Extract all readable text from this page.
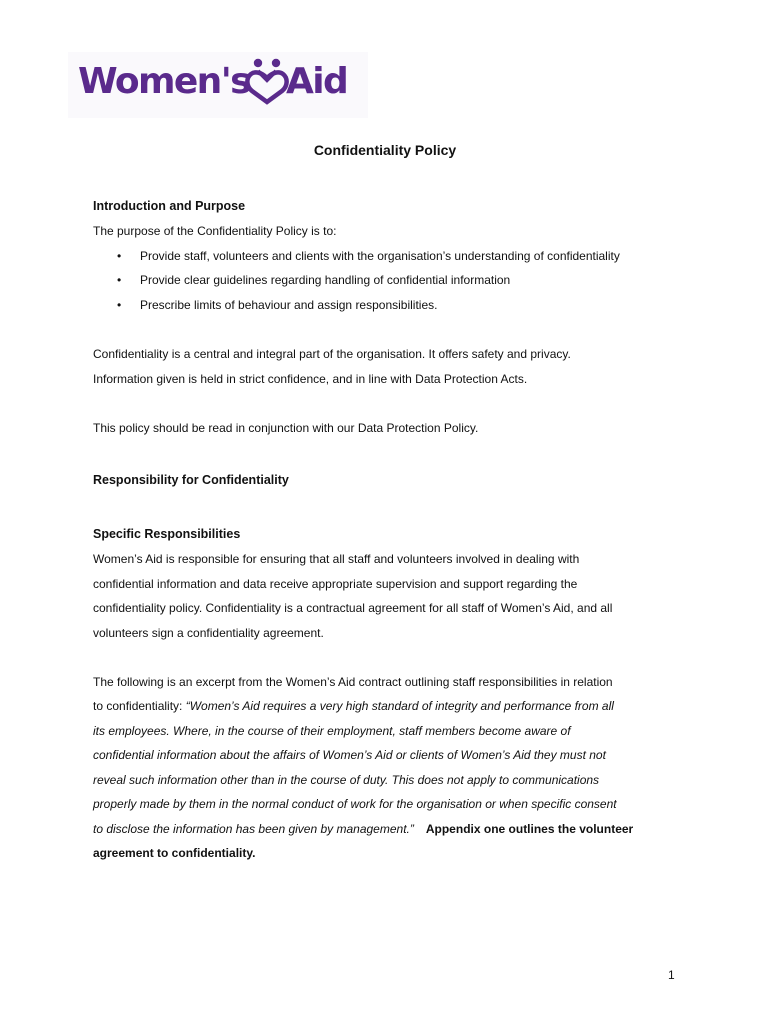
Women's Aid
Confidentiality Policy
Introduction and Purpose
The purpose of the Confidentiality Policy is to:
• Provide staff, volunteers and clients with the organisation’s understanding of confidentiality
• Provide clear guidelines regarding handling of confidential information
• Prescribe limits of behaviour and assign responsibilities.
Confidentiality is a central and integral part of the organisation. It offers safety and privacy.
Information given is held in strict confidence, and in line with Data Protection Acts.
This policy should be read in conjunction with our Data Protection Policy.
Responsibility for Confidentiality
Specific Responsibilities
Women’s Aid is responsible for ensuring that all staff and volunteers involved in dealing with
confidential information and data receive appropriate supervision and support regarding the
confidentiality policy. Confidentiality is a contractual agreement for all staff of Women’s Aid, and all
volunteers sign a confidentiality agreement.
The following is an excerpt from the Women’s Aid contract outlining staff responsibilities in relation
to confidentiality: “Women’s Aid requires a very high standard of integrity and performance from all
its employees. Where, in the course of their employment, staff members become aware of
confidential information about the affairs of Women’s Aid or clients of Women’s Aid they must not
reveal such information other than in the course of duty. This does not apply to communications
properly made by them in the normal conduct of work for the organisation or when specific consent
to disclose the information has been given by management.” Appendix one outlines the volunteer
agreement to confidentiality.
1
